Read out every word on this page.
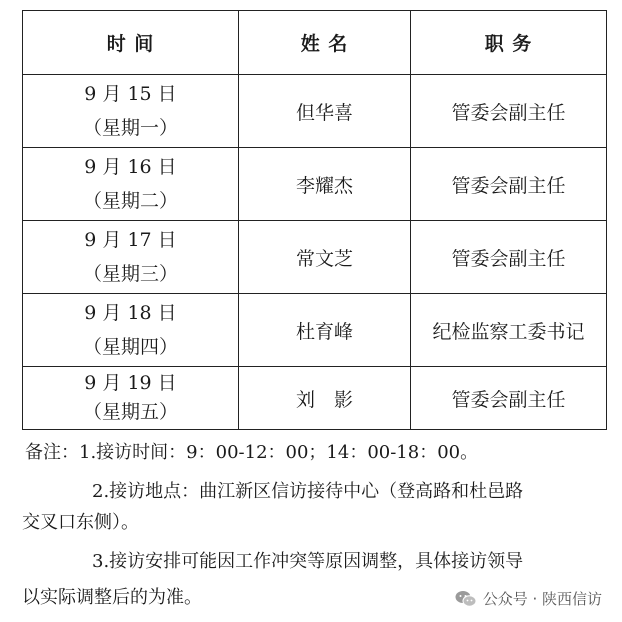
时 间	姓 名	职 务

9 月 15 日
（星期一）	但华喜	管委会副主任

9 月 16 日
（星期二）	李耀杰	管委会副主任

9 月 17 日
（星期三）	常文芝	管委会副主任

9 月 18 日
（星期四）	杜育峰	纪检监察工委书记

9 月 19 日
（星期五）	刘　影	管委会副主任
备注：1.接访时间：9：00-12：00；14：00-18：00。
2.接访地点：曲江新区信访接待中心（登高路和杜邑路
交叉口东侧）。
3.接访安排可能因工作冲突等原因调整，具体接访领导
以实际调整后的为准。	公众号 · 陕西信访
